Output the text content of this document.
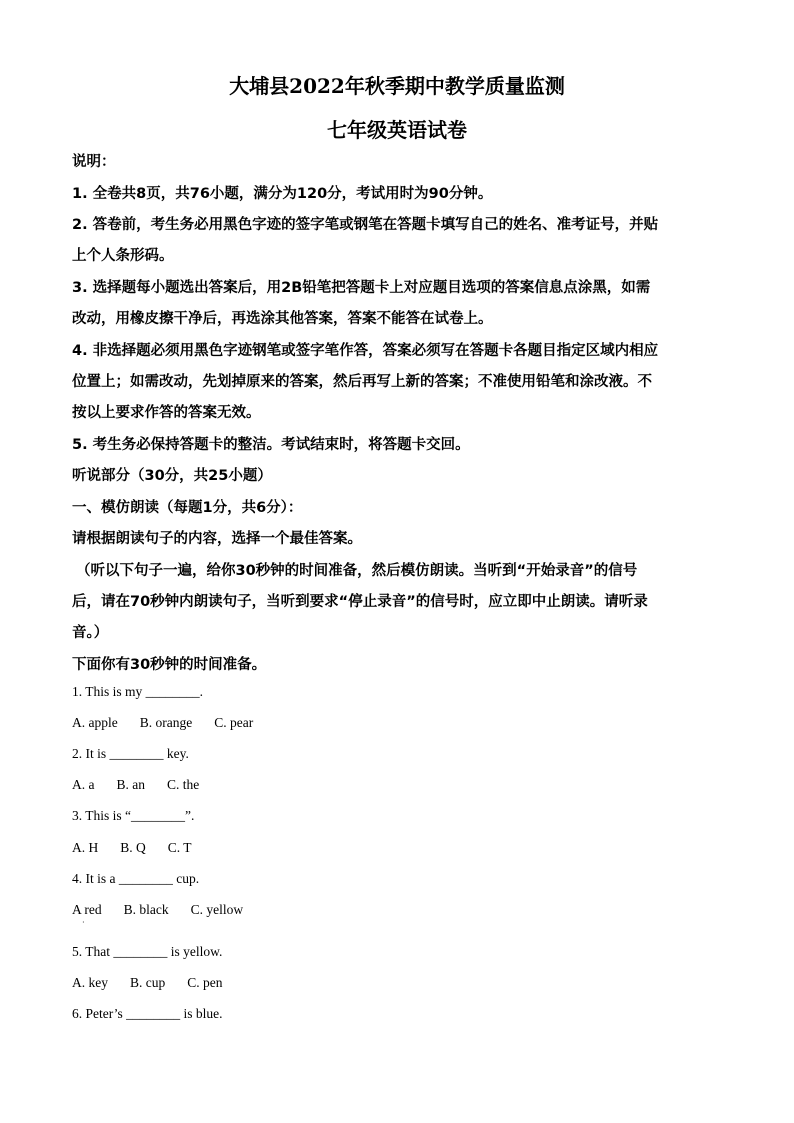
大埔县2022年秋季期中教学质量监测
七年级英语试卷
说明：
1. 全卷共8页，共76小题，满分为120分，考试用时为90分钟。
2. 答卷前，考生务必用黑色字迹的签字笔或钢笔在答题卡填写自己的姓名、准考证号，并贴
上个人条形码。
3. 选择题每小题选出答案后，用2B铅笔把答题卡上对应题目选项的答案信息点涂黑，如需
改动，用橡皮擦干净后，再选涂其他答案，答案不能答在试卷上。
4. 非选择题必须用黑色字迹钢笔或签字笔作答，答案必须写在答题卡各题目指定区域内相应
位置上；如需改动，先划掉原来的答案，然后再写上新的答案；不准使用铅笔和涂改液。不
按以上要求作答的答案无效。
5. 考生务必保持答题卡的整洁。考试结束时，将答题卡交回。
听说部分（30分，共25小题）
一、模仿朗读（每题1分，共6分）：
请根据朗读句子的内容，选择一个最佳答案。
（听以下句子一遍，给你30秒钟的时间准备，然后模仿朗读。当听到“开始录音”的信号
后，请在70秒钟内朗读句子，当听到要求“停止录音”的信号时，应立即中止朗读。请听录
音。）
下面你有30秒钟的时间准备。
1. This is my ________.
A. apple B. orange C. pear
2. It is ________ key.
A. a B. an C. the
3. This is “________”.
A. H B. Q C. T
4. It is a ________ cup.
A red B. black C. yellow
·
5. That ________ is yellow.
A. key B. cup C. pen
6. Peter’s ________ is blue.
